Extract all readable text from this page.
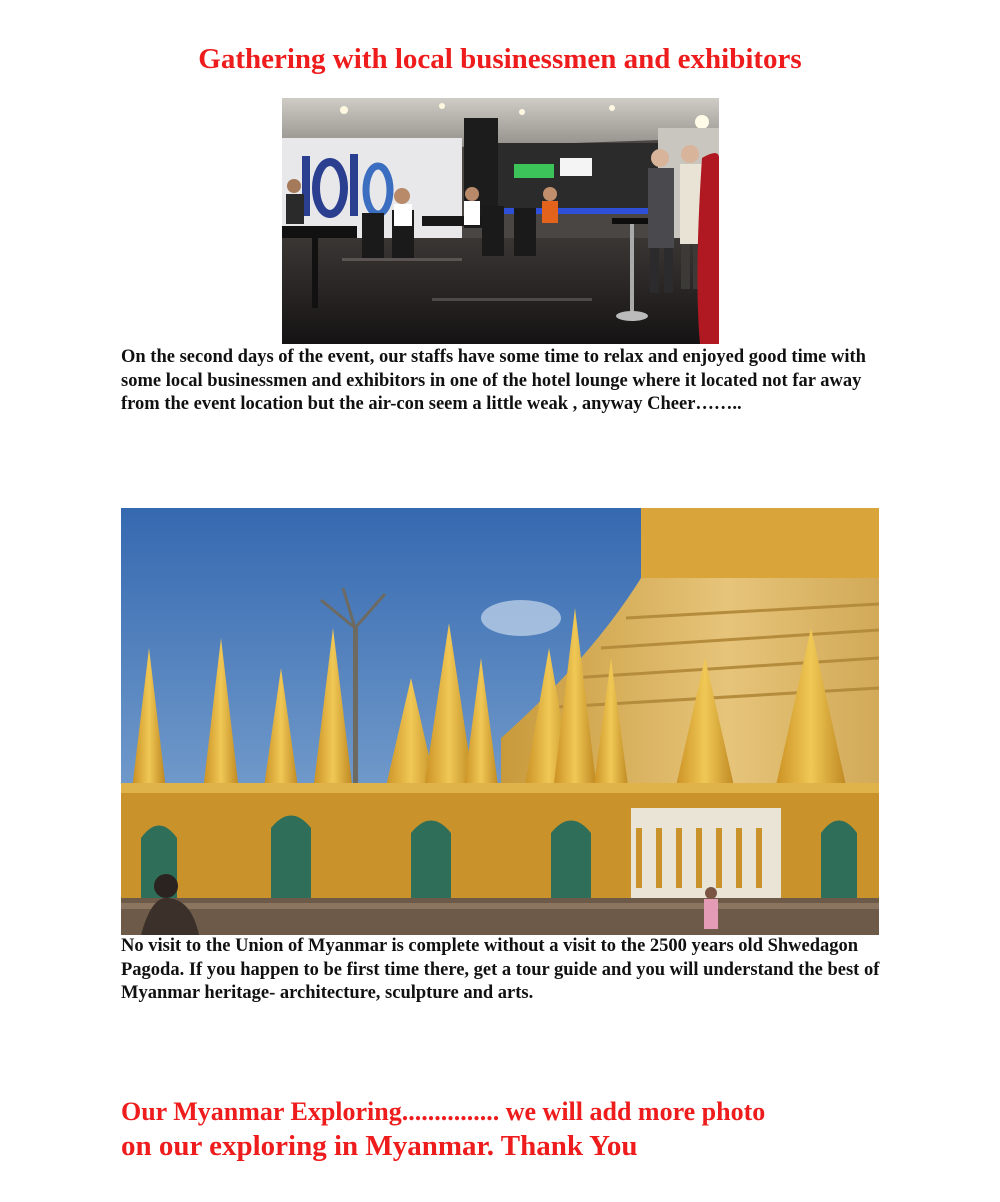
Gathering with local businessmen and exhibitors

On the second days of the event, our staffs have some time to relax and enjoyed good time with some local businessmen and exhibitors in one of the hotel lounge where it located not far away from the event location but the air-con seem a little weak , anyway Cheer……..

No visit to the Union of Myanmar is complete without a visit to the 2500 years old Shwedagon Pagoda. If you happen to be first time there, get a tour guide and you will understand the best of Myanmar heritage- architecture, sculpture and arts.

Our Myanmar Exploring............... we will add more photo

on our exploring in Myanmar. Thank You
